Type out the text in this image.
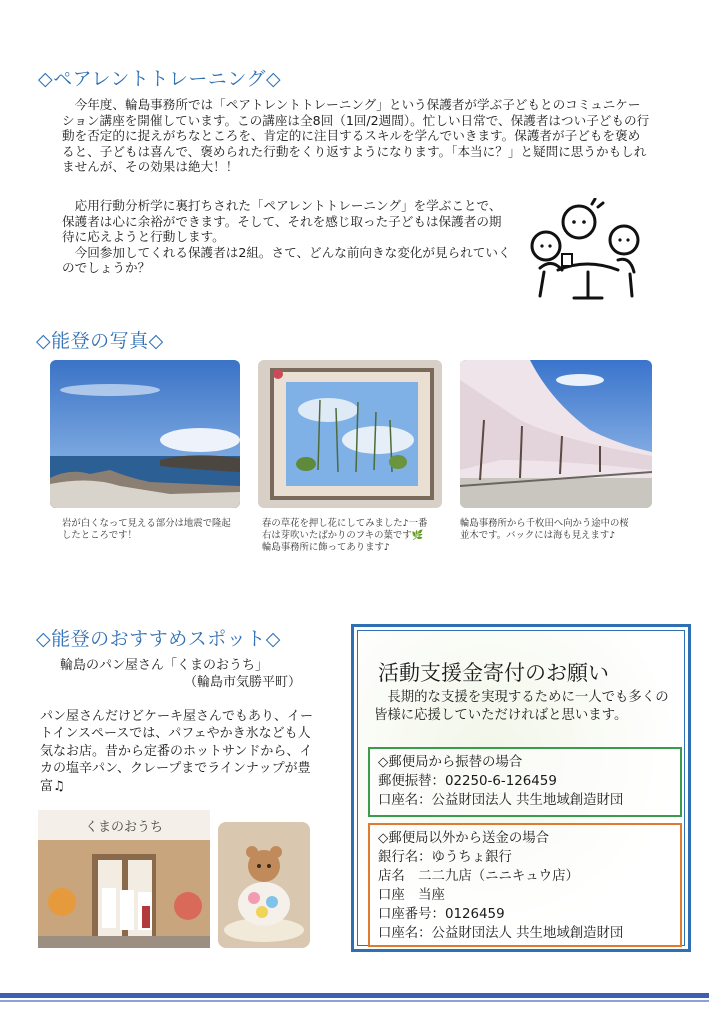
◇ペアレントトレーニング◇

今年度、輪島事務所では「ペアトレントトレーニング」という保護者が学ぶ子どもとのコミュニケーション講座を開催しています。この講座は全8回（1回/2週間）。忙しい日常で、保護者はつい子どもの行動を否定的に捉えがちなところを、肯定的に注目するスキルを学んでいきます。保護者が子どもを褒めると、子どもは喜んで、褒められた行動をくり返すようになります。「本当に？」と疑問に思うかもしれませんが、その効果は絶大！！

応用行動分析学に裏打ちされた「ペアレントトレーニング」を学ぶことで、保護者は心に余裕ができます。そして、それを感じ取った子どもは保護者の期待に応えようと行動します。

今回参加してくれる保護者は2組。さて、どんな前向きな変化が見られていくのでしょうか？

◇能登の写真◇
岩が白くなって見える部分は地震で隆起したところです！
春の草花を押し花にしてみました♪一番右は芽吹いたばかりのフキの葉です🌿　輪島事務所に飾ってあります♪
輪島事務所から千枚田へ向かう途中の桜並木です。バックには海も見えます♪
◇能登のおすすめスポット◇
輪島のパン屋さん「くまのおうち」
（輪島市気勝平町）
パン屋さんだけどケーキ屋さんでもあり、イートインスペースでは、パフェやかき氷なども人気なお店。昔から定番のホットサンドから、イカの塩辛パン、クレープまでラインナップが豊富♫
くまのおうち
活動支援金寄付のお願い
長期的な支援を実現するために一人でも多くの皆様に応援していただければと思います。
◇郵便局から振替の場合
郵便振替：02250-6-126459
口座名：公益財団法人 共生地域創造財団
◇郵便局以外から送金の場合
銀行名：ゆうちょ銀行
店名　二二九店（ニニキュウ店）
口座　当座
口座番号：0126459
口座名：公益財団法人 共生地域創造財団
